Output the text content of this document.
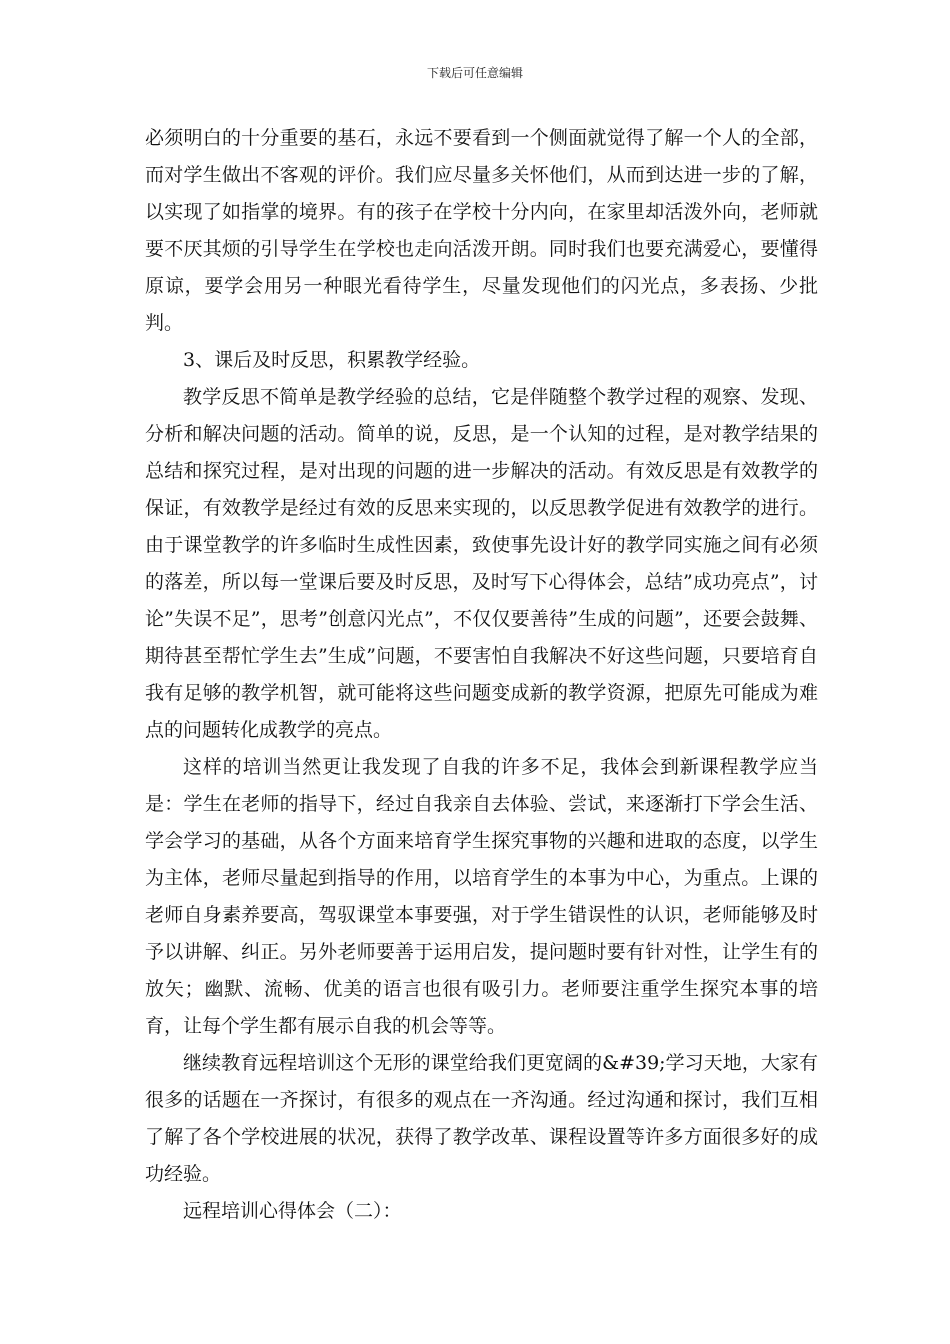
下载后可任意编辑

必须明白的十分重要的基石，永远不要看到一个侧面就觉得了解一个人的全部，而对学生做出不客观的评价。我们应尽量多关怀他们，从而到达进一步的了解，以实现了如指掌的境界。有的孩子在学校十分内向，在家里却活泼外向，老师就要不厌其烦的引导学生在学校也走向活泼开朗。同时我们也要充满爱心，要懂得原谅，要学会用另一种眼光看待学生，尽量发现他们的闪光点，多表扬、少批判。

3、课后及时反思，积累教学经验。

教学反思不简单是教学经验的总结，它是伴随整个教学过程的观察、发现、分析和解决问题的活动。简单的说，反思，是一个认知的过程，是对教学结果的总结和探究过程，是对出现的问题的进一步解决的活动。有效反思是有效教学的保证，有效教学是经过有效的反思来实现的，以反思教学促进有效教学的进行。由于课堂教学的许多临时生成性因素，致使事先设计好的教学同实施之间有必须的落差，所以每一堂课后要及时反思，及时写下心得体会，总结”成功亮点”，讨论”失误不足”，思考”创意闪光点”，不仅仅要善待”生成的问题”，还要会鼓舞、期待甚至帮忙学生去”生成”问题，不要害怕自我解决不好这些问题，只要培育自我有足够的教学机智，就可能将这些问题变成新的教学资源，把原先可能成为难点的问题转化成教学的亮点。

这样的培训当然更让我发现了自我的许多不足，我体会到新课程教学应当是：学生在老师的指导下，经过自我亲自去体验、尝试，来逐渐打下学会生活、学会学习的基础，从各个方面来培育学生探究事物的兴趣和进取的态度，以学生为主体，老师尽量起到指导的作用，以培育学生的本事为中心，为重点。上课的老师自身素养要高，驾驭课堂本事要强，对于学生错误性的认识，老师能够及时予以讲解、纠正。另外老师要善于运用启发，提问题时要有针对性，让学生有的放矢；幽默、流畅、优美的语言也很有吸引力。老师要注重学生探究本事的培育，让每个学生都有展示自我的机会等等。

继续教育远程培训这个无形的课堂给我们更宽阔的&#39;学习天地，大家有很多的话题在一齐探讨，有很多的观点在一齐沟通。经过沟通和探讨，我们互相了解了各个学校进展的状况，获得了教学改革、课程设置等许多方面很多好的成功经验。

远程培训心得体会（二）：
